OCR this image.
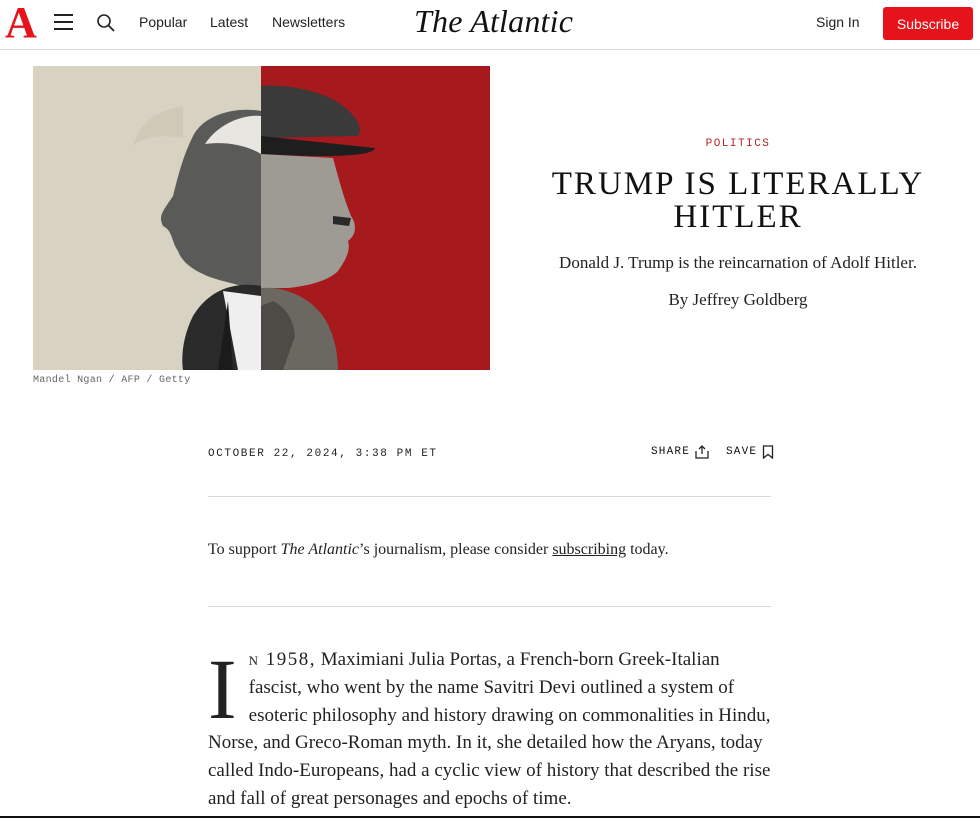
A	Popular Latest Newsletters The Atlantic	Sign In	Subscribe
Mandel Ngan / AFP / Getty
POLITICS
TRUMP IS LITERALLY HITLER
Donald J. Trump is the reincarnation of Adolf Hitler.
By Jeffrey Goldberg
OCTOBER 22, 2024, 3:38 PM ET	SHARE	SAVE
To support The Atlantic’s journalism, please consider subscribing today.
In 1958, Maximiani Julia Portas, a French-born Greek-Italian fascist, who went by the name Savitri Devi outlined a system of esoteric philosophy and history drawing on commonalities in Hindu, Norse, and Greco-Roman myth. In it, she detailed how the Aryans, today called Indo-Europeans, had a cyclic view of history that described the rise and fall of great personages and epochs of time.
